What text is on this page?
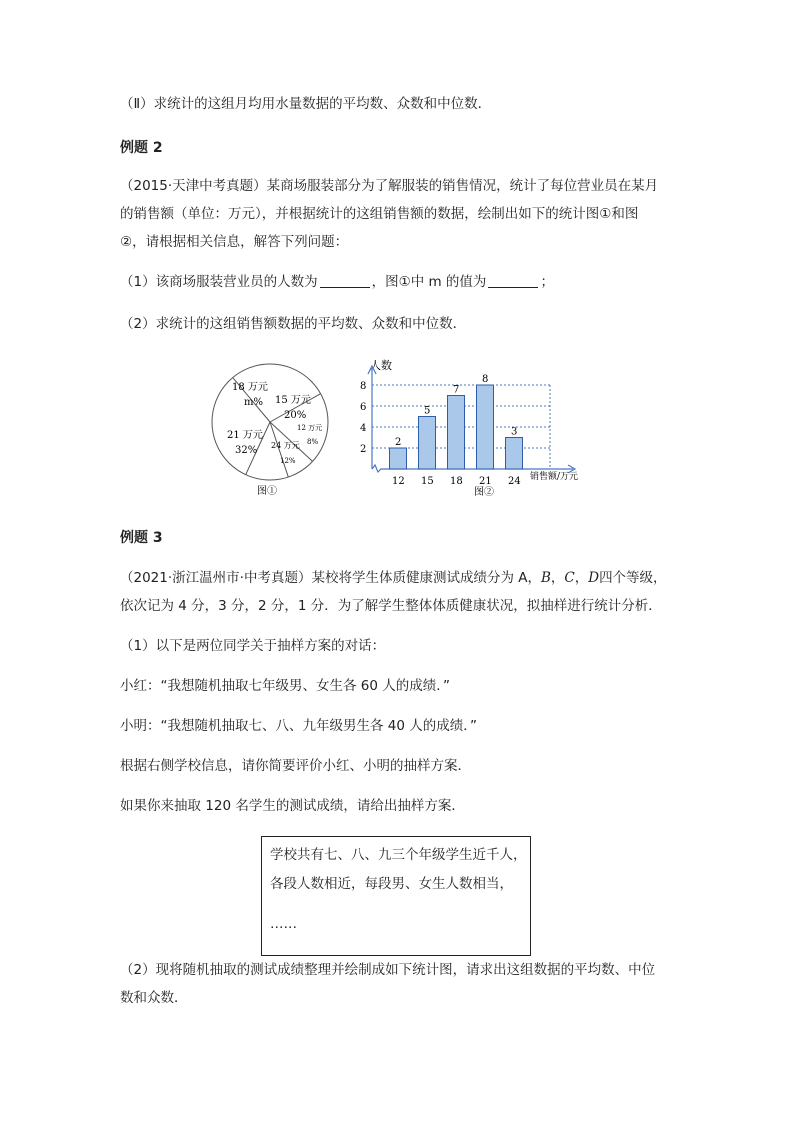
（Ⅱ）求统计的这组月均用水量数据的平均数、众数和中位数．
例题 2
（2015·天津中考真题）某商场服装部分为了解服装的销售情况，统计了每位营业员在某月
的销售额（单位：万元），并根据统计的这组销售额的数据，绘制出如下的统计图①和图
②，请根据相关信息，解答下列问题：
（1）该商场服装营业员的人数为	，图①中 m 的值为	；
（2）求统计的这组销售额数据的平均数、众数和中位数．
18 万元
m% 15 万元
20%
12 万元
8%
24 万元
12%
21 万元
32%
图①
人数
销售额/万元
图②
2
4
6
8
2
12
5
15
7
18
8
21
3
24
例题 3
（2021·浙江温州市·中考真题）某校将学生体质健康测试成绩分为 A，B，C，D四个等级，
依次记为 4 分，3 分，2 分，1 分．为了解学生整体体质健康状况，拟抽样进行统计分析．
（1）以下是两位同学关于抽样方案的对话：
小红：“我想随机抽取七年级男、女生各 60 人的成绩．”
小明：“我想随机抽取七、八、九年级男生各 40 人的成绩．”
根据右侧学校信息，请你简要评价小红、小明的抽样方案．
如果你来抽取 120 名学生的测试成绩，请给出抽样方案．
学校共有七、八、九三个年级学生近千人，
各段人数相近，每段男、女生人数相当，
……
（2）现将随机抽取的测试成绩整理并绘制成如下统计图，请求出这组数据的平均数、中位
数和众数．
